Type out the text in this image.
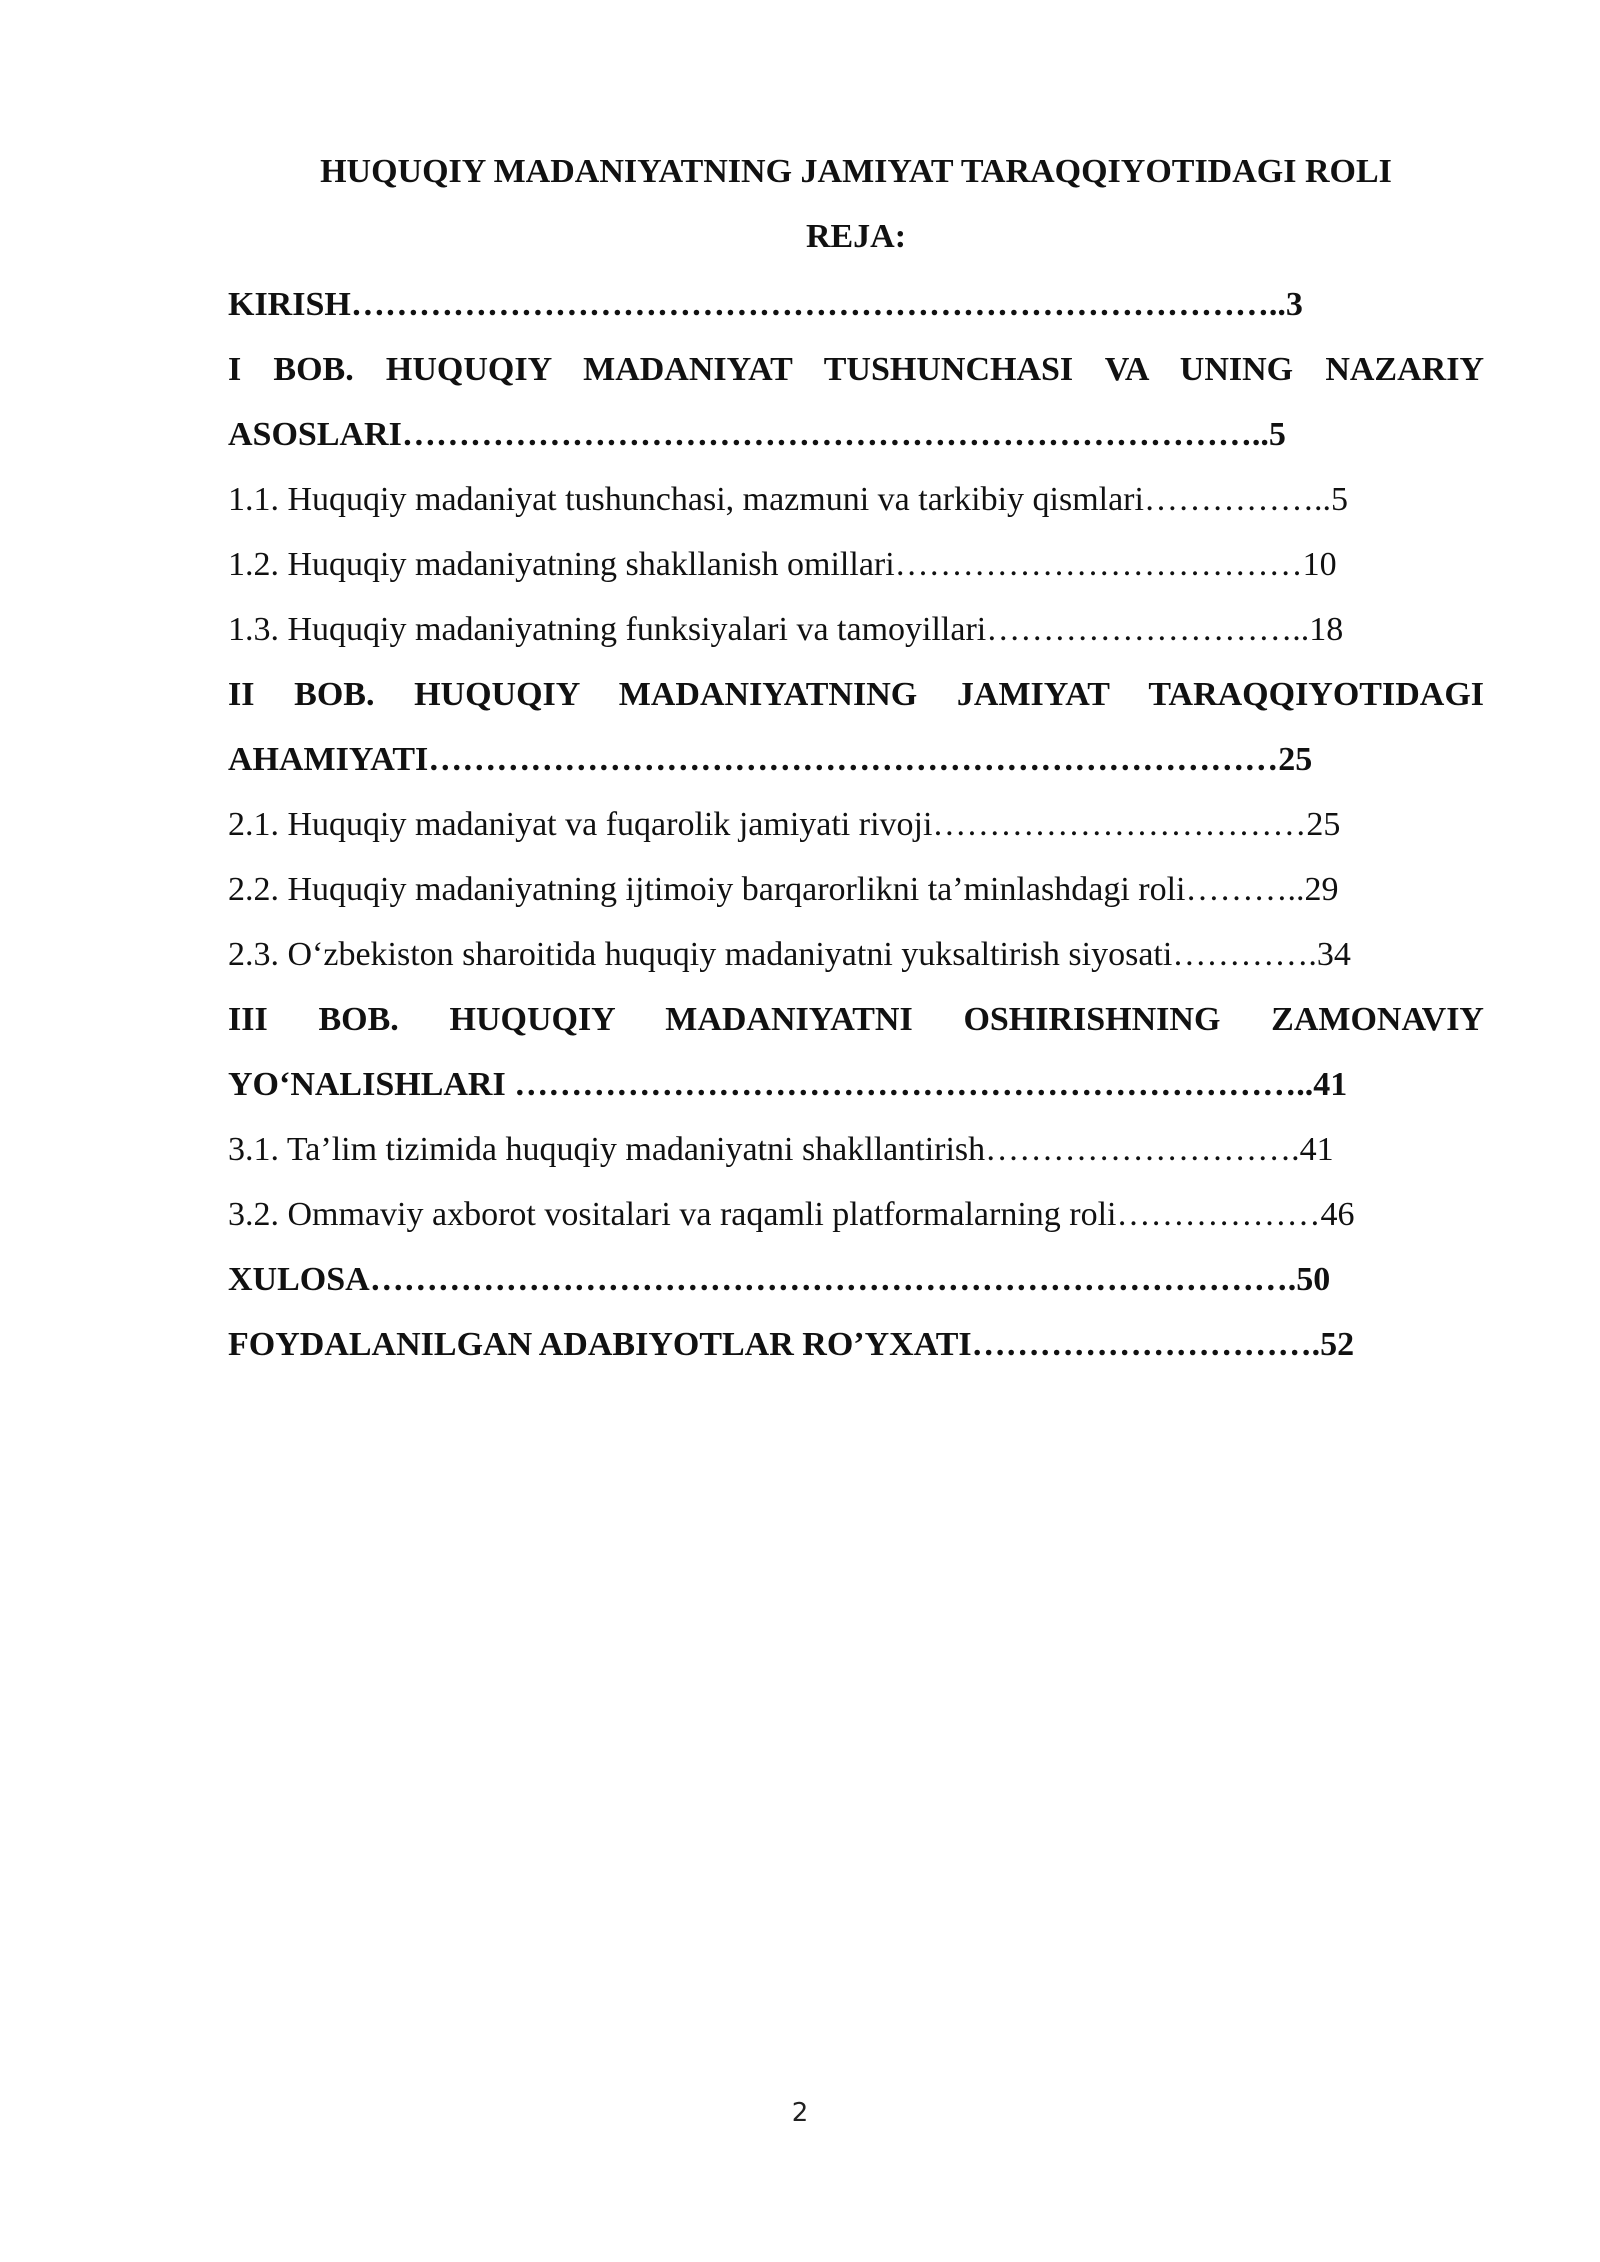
HUQUQIY MADANIYATNING JAMIYAT TARAQQIYOTIDAGI ROLI
REJA:
KIRISH………………………………………………………………………..3
I BOB. HUQUQIY MADANIYAT TUSHUNCHASI VA UNING NAZARIY
ASOSLARI…………………………………………………………………..5
1.1. Huquqiy madaniyat tushunchasi, mazmuni va tarkibiy qismlari……………..5
1.2. Huquqiy madaniyatning shakllanish omillari………………………………10
1.3. Huquqiy madaniyatning funksiyalari va tamoyillari………………………..18
II BOB. HUQUQIY MADANIYATNING JAMIYAT TARAQQIYOTIDAGI
AHAMIYATI…………………………………………………………………25
2.1. Huquqiy madaniyat va fuqarolik jamiyati rivoji……………………………25
2.2. Huquqiy madaniyatning ijtimoiy barqarorlikni ta’minlashdagi roli………..29
2.3. O‘zbekiston sharoitida huquqiy madaniyatni yuksaltirish siyosati………….34
III BOB. HUQUQIY MADANIYATNI OSHIRISHNING ZAMONAVIY
YO‘NALISHLARI ……………………………………………………………..41
3.1. Ta’lim tizimida huquqiy madaniyatni shakllantirish……………………….41
3.2. Ommaviy axborot vositalari va raqamli platformalarning roli………………46
XULOSA……………………………………………………………………….50
FOYDALANILGAN ADABIYOTLAR RO’YXATI………………………….52
2
